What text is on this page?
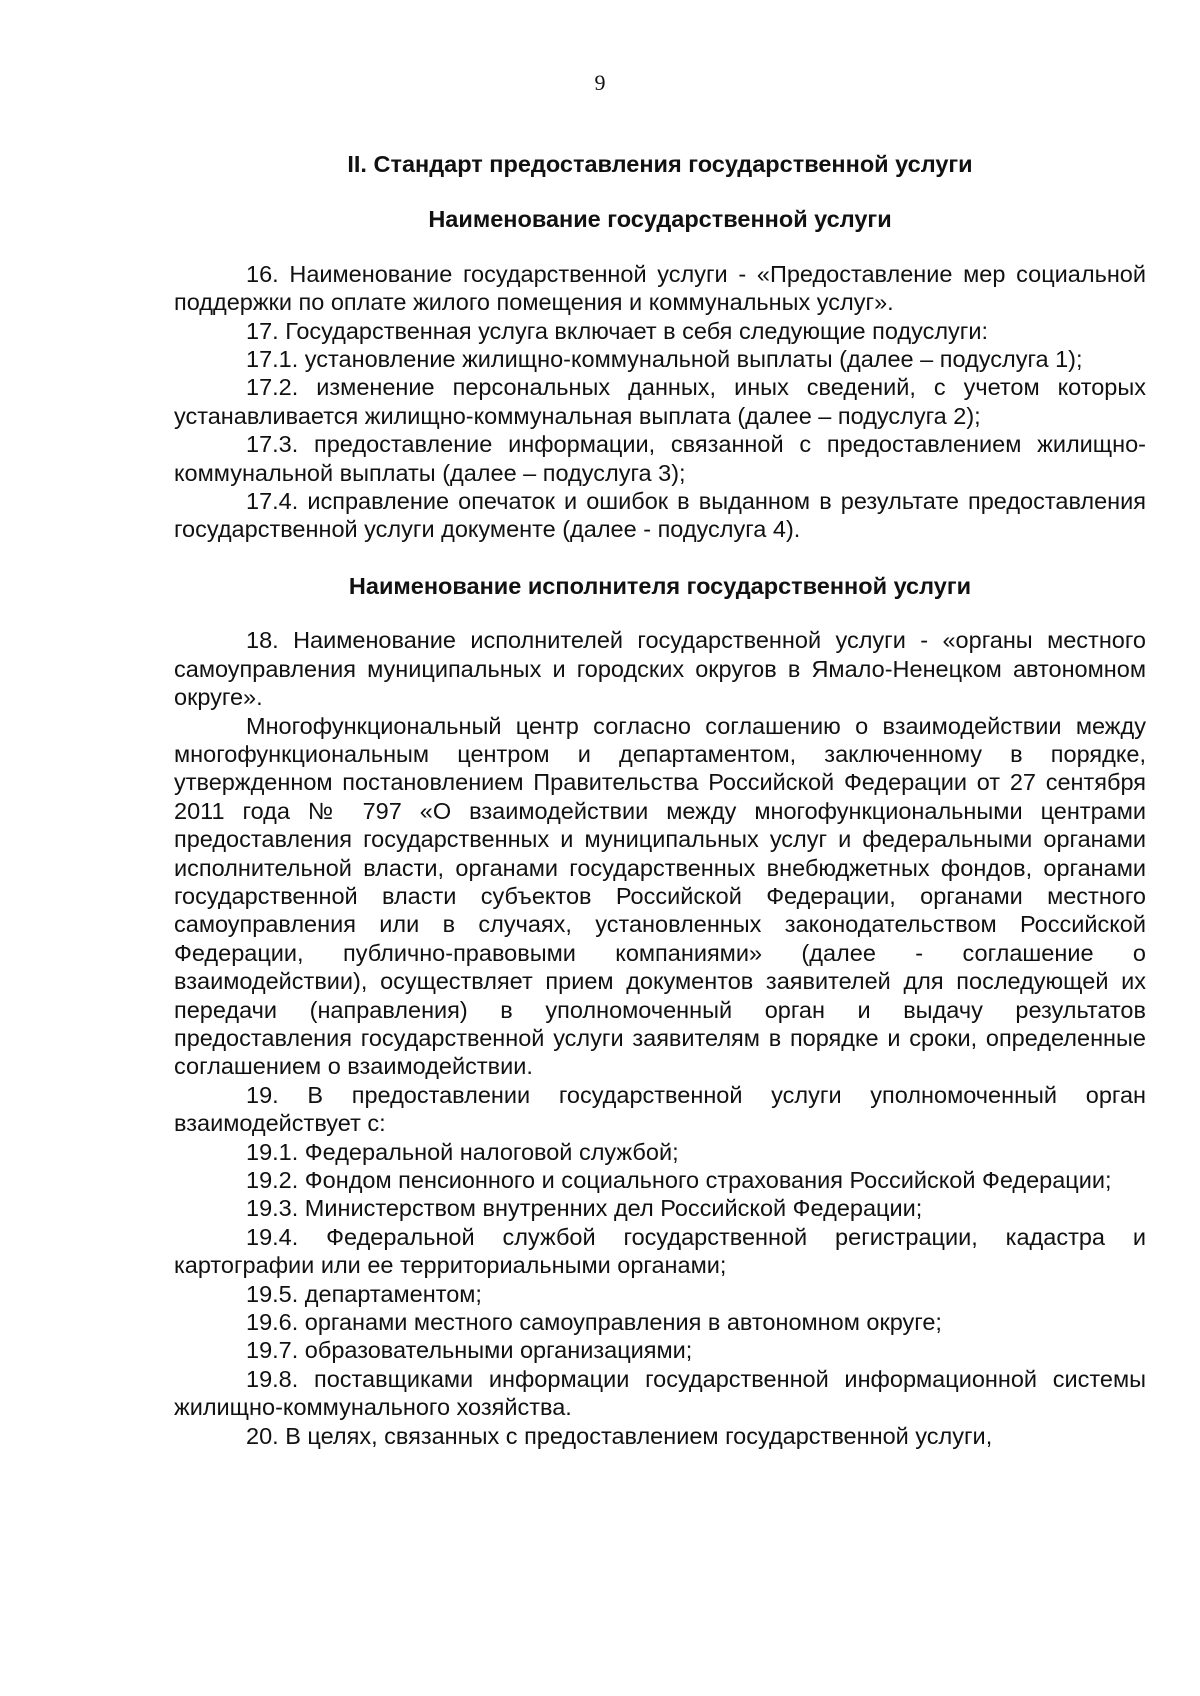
9
II. Стандарт предоставления государственной услуги
Наименование государственной услуги

16. Наименование государственной услуги - «Предоставление мер социальной поддержки по оплате жилого помещения и коммунальных услуг».

17. Государственная услуга включает в себя следующие подуслуги:

17.1. установление жилищно-коммунальной выплаты (далее – подуслуга 1);

17.2. изменение персональных данных, иных сведений, с учетом которых устанавливается жилищно-коммунальная выплата (далее – подуслуга 2);

17.3. предоставление информации, связанной с предоставлением жилищно-коммунальной выплаты (далее – подуслуга 3);

17.4. исправление опечаток и ошибок в выданном в результате предоставления государственной услуги документе (далее - подуслуга 4).

Наименование исполнителя государственной услуги

18. Наименование исполнителей государственной услуги - «органы местного самоуправления муниципальных и городских округов в Ямало-Ненецком автономном округе».

Многофункциональный центр согласно соглашению о взаимодействии между многофункциональным центром и департаментом, заключенному в порядке, утвержденном постановлением Правительства Российской Федерации от 27 сентября 2011 года № 797 «О взаимодействии между многофункциональными центрами предоставления государственных и муниципальных услуг и федеральными органами исполнительной власти, органами государственных внебюджетных фондов, органами государственной власти субъектов Российской Федерации, органами местного самоуправления или в случаях, установленных законодательством Российской Федерации, публично-правовыми компаниями» (далее - соглашение о взаимодействии), осуществляет прием документов заявителей для последующей их передачи (направления) в уполномоченный орган и выдачу результатов предоставления государственной услуги заявителям в порядке и сроки, определенные соглашением о взаимодействии.

19. В предоставлении государственной услуги уполномоченный орган взаимодействует с:

19.1. Федеральной налоговой службой;

19.2. Фондом пенсионного и социального страхования Российской Федерации;

19.3. Министерством внутренних дел Российской Федерации;

19.4. Федеральной службой государственной регистрации, кадастра и картографии или ее территориальными органами;

19.5. департаментом;

19.6. органами местного самоуправления в автономном округе;

19.7. образовательными организациями;

19.8. поставщиками информации государственной информационной системы жилищно-коммунального хозяйства.

20. В целях, связанных с предоставлением государственной услуги,
